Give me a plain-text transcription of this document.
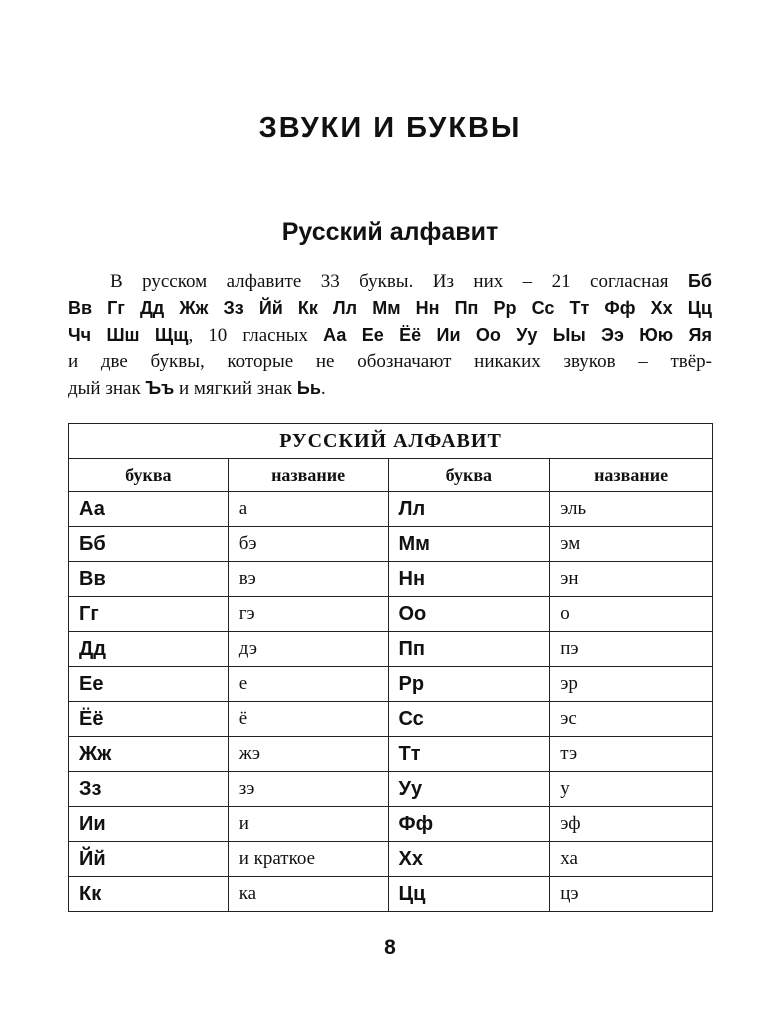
ЗВУКИ И БУКВЫ
Русский алфавит

В русском алфавите 33 буквы. Из них – 21 согласная Бб
Вв Гг Дд Жж Зз Йй Кк Лл Мм Нн Пп Рр Сс Тт Фф Хх Цц
Чч Шш Щщ, 10 гласных Аа Ее Ёё Ии Оо Уу Ыы Ээ Юю Яя
и две буквы, которые не обозначают никаких звуков – твёр-
дый знак Ъъ и мягкий знак Ьь.

РУССКИЙ АЛФАВИТ			
буква	название	буква	название
Аа	а	Лл	эль
Бб	бэ	Мм	эм
Вв	вэ	Нн	эн
Гг	гэ	Оо	о
Дд	дэ	Пп	пэ
Ее	е	Рр	эр
Ёё	ё	Сс	эс
Жж	жэ	Тт	тэ
Зз	зэ	Уу	у
Ии	и	Фф	эф
Йй	и краткое	Хх	ха
Кк	ка	Цц	цэ
8
